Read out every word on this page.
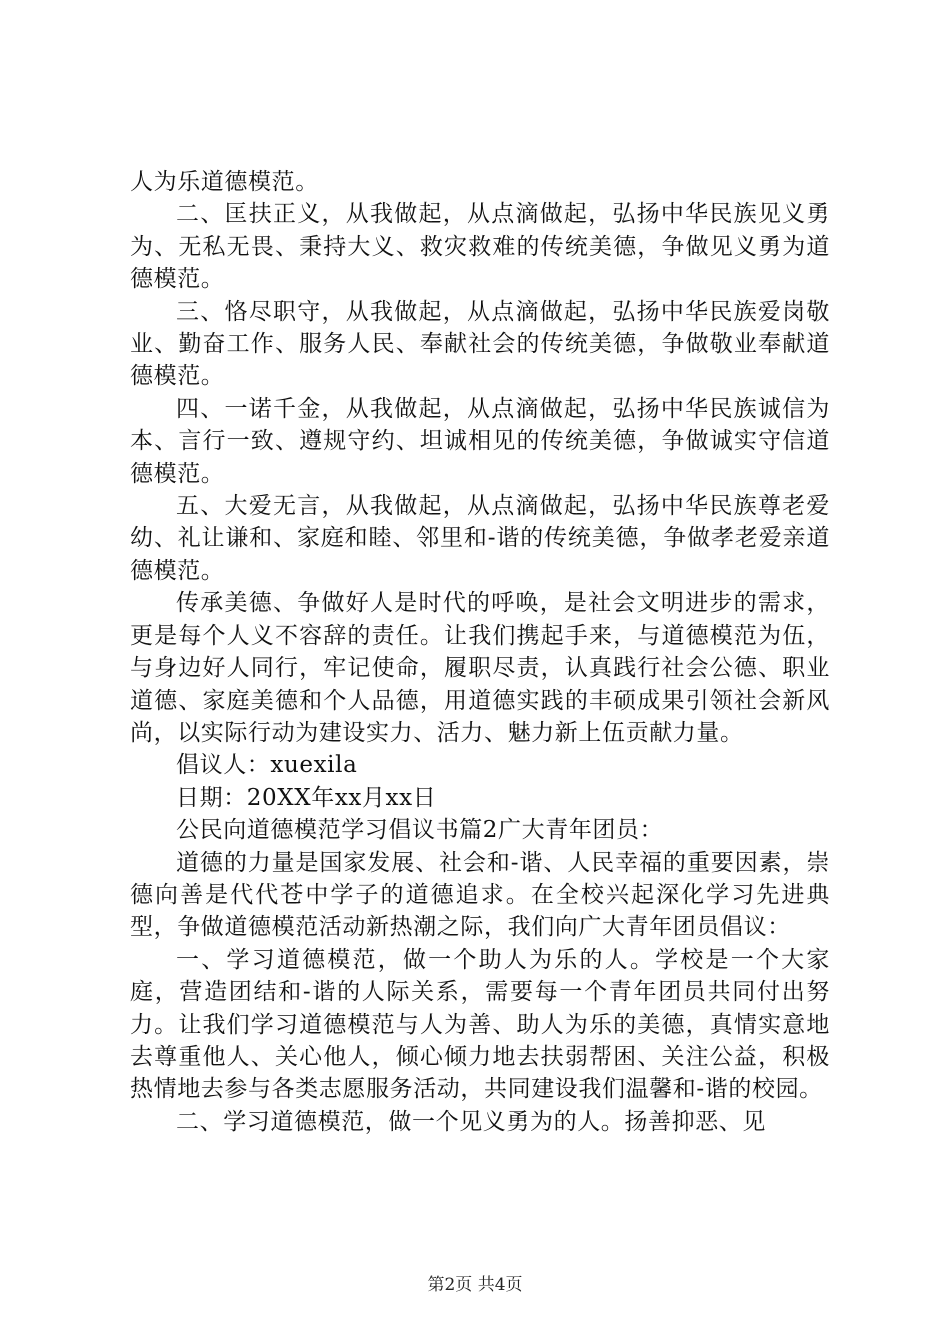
人为乐道德模范。

二、匡扶正义，从我做起，从点滴做起，弘扬中华民族见义勇为、无私无畏、秉持大义、救灾救难的传统美德，争做见义勇为道德模范。

三、恪尽职守，从我做起，从点滴做起，弘扬中华民族爱岗敬业、勤奋工作、服务人民、奉献社会的传统美德，争做敬业奉献道德模范。

四、一诺千金，从我做起，从点滴做起，弘扬中华民族诚信为本、言行一致、遵规守约、坦诚相见的传统美德，争做诚实守信道德模范。

五、大爱无言，从我做起，从点滴做起，弘扬中华民族尊老爱幼、礼让谦和、家庭和睦、邻里和-谐的传统美德，争做孝老爱亲道德模范。

传承美德、争做好人是时代的呼唤，是社会文明进步的需求，更是每个人义不容辞的责任。让我们携起手来，与道德模范为伍，与身边好人同行，牢记使命，履职尽责，认真践行社会公德、职业道德、家庭美德和个人品德，用道德实践的丰硕成果引领社会新风尚，以实际行动为建设实力、活力、魅力新上伍贡献力量。

倡议人：xuexila

日期：20XX年xx月xx日

公民向道德模范学习倡议书篇2广大青年团员：

道德的力量是国家发展、社会和-谐、人民幸福的重要因素，崇德向善是代代苍中学子的道德追求。在全校兴起深化学习先进典型，争做道德模范活动新热潮之际，我们向广大青年团员倡议：

一、学习道德模范，做一个助人为乐的人。学校是一个大家庭，营造团结和-谐的人际关系，需要每一个青年团员共同付出努力。让我们学习道德模范与人为善、助人为乐的美德，真情实意地去尊重他人、关心他人，倾心倾力地去扶弱帮困、关注公益，积极热情地去参与各类志愿服务活动，共同建设我们温馨和-谐的校园。

二、学习道德模范，做一个见义勇为的人。扬善抑恶、见

第2页 共4页
